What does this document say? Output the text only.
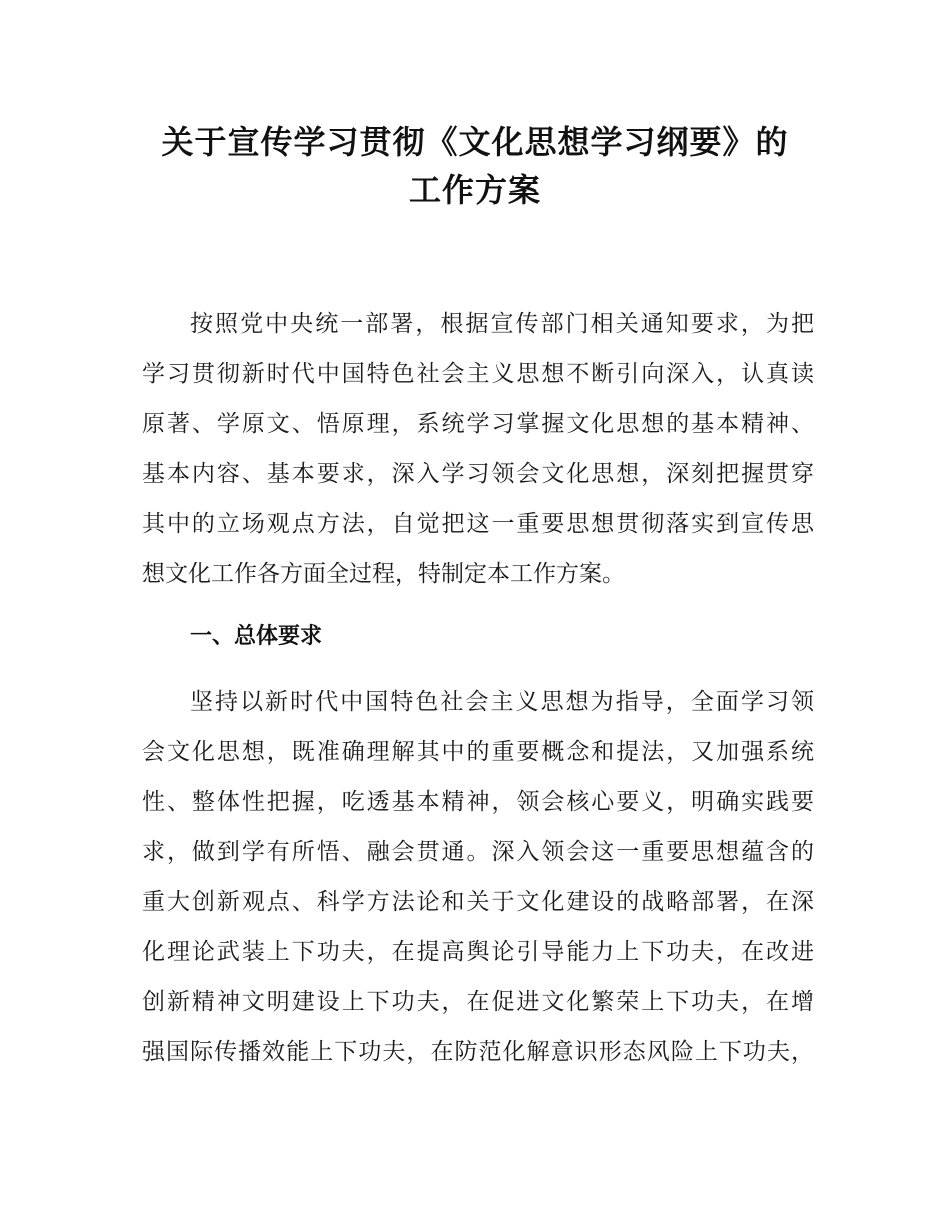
关于宣传学习贯彻《文化思想学习纲要》的
工作方案
按照党中央统一部署，根据宣传部门相关通知要求，为把
学习贯彻新时代中国特色社会主义思想不断引向深入，认真读
原著、学原文、悟原理，系统学习掌握文化思想的基本精神、
基本内容、基本要求，深入学习领会文化思想，深刻把握贯穿
其中的立场观点方法，自觉把这一重要思想贯彻落实到宣传思
想文化工作各方面全过程，特制定本工作方案。
一、总体要求
坚持以新时代中国特色社会主义思想为指导，全面学习领
会文化思想，既准确理解其中的重要概念和提法，又加强系统
性、整体性把握，吃透基本精神，领会核心要义，明确实践要
求，做到学有所悟、融会贯通。深入领会这一重要思想蕴含的
重大创新观点、科学方法论和关于文化建设的战略部署，在深
化理论武装上下功夫，在提高舆论引导能力上下功夫，在改进
创新精神文明建设上下功夫，在促进文化繁荣上下功夫，在增
强国际传播效能上下功夫，在防范化解意识形态风险上下功夫，
